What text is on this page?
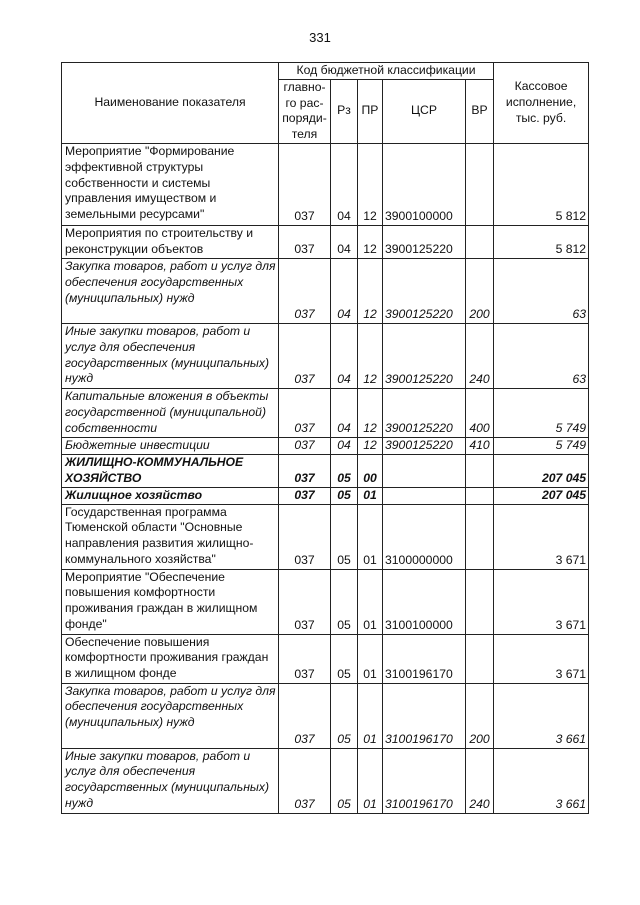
331
Наименование показателя	Код бюджетной классификации					Кассовое исполнение, тыс. руб.
	главно-го рас-поряди-теля	Рз	ПР	ЦСР	ВР	
Мероприятие "Формирование эффективной структуры собственности и системы управления имуществом и земельными ресурсами"	037	04	12	3900100000		5 812
Мероприятия по строительству и реконструкции объектов	037	04	12	3900125220		5 812
Закупка товаров, работ и услуг для обеспечения государственных (муниципальных) нужд	037	04	12	3900125220	200	63
Иные закупки товаров, работ и услуг для обеспечения государственных (муниципальных) нужд	037	04	12	3900125220	240	63
Капитальные вложения в объекты государственной (муниципальной) собственности	037	04	12	3900125220	400	5 749
Бюджетные инвестиции	037	04	12	3900125220	410	5 749
ЖИЛИЩНО-КОММУНАЛЬНОЕ ХОЗЯЙСТВО	037	05	00			207 045
Жилищное хозяйство	037	05	01			207 045
Государственная программа Тюменской области "Основные направления развития жилищно-коммунального хозяйства"	037	05	01	3100000000		3 671
Мероприятие "Обеспечение повышения комфортности проживания граждан в жилищном фонде"	037	05	01	3100100000		3 671
Обеспечение повышения комфортности проживания граждан в жилищном фонде	037	05	01	3100196170		3 671
Закупка товаров, работ и услуг для обеспечения государственных (муниципальных) нужд	037	05	01	3100196170	200	3 661
Иные закупки товаров, работ и услуг для обеспечения государственных (муниципальных) нужд	037	05	01	3100196170	240	3 661
